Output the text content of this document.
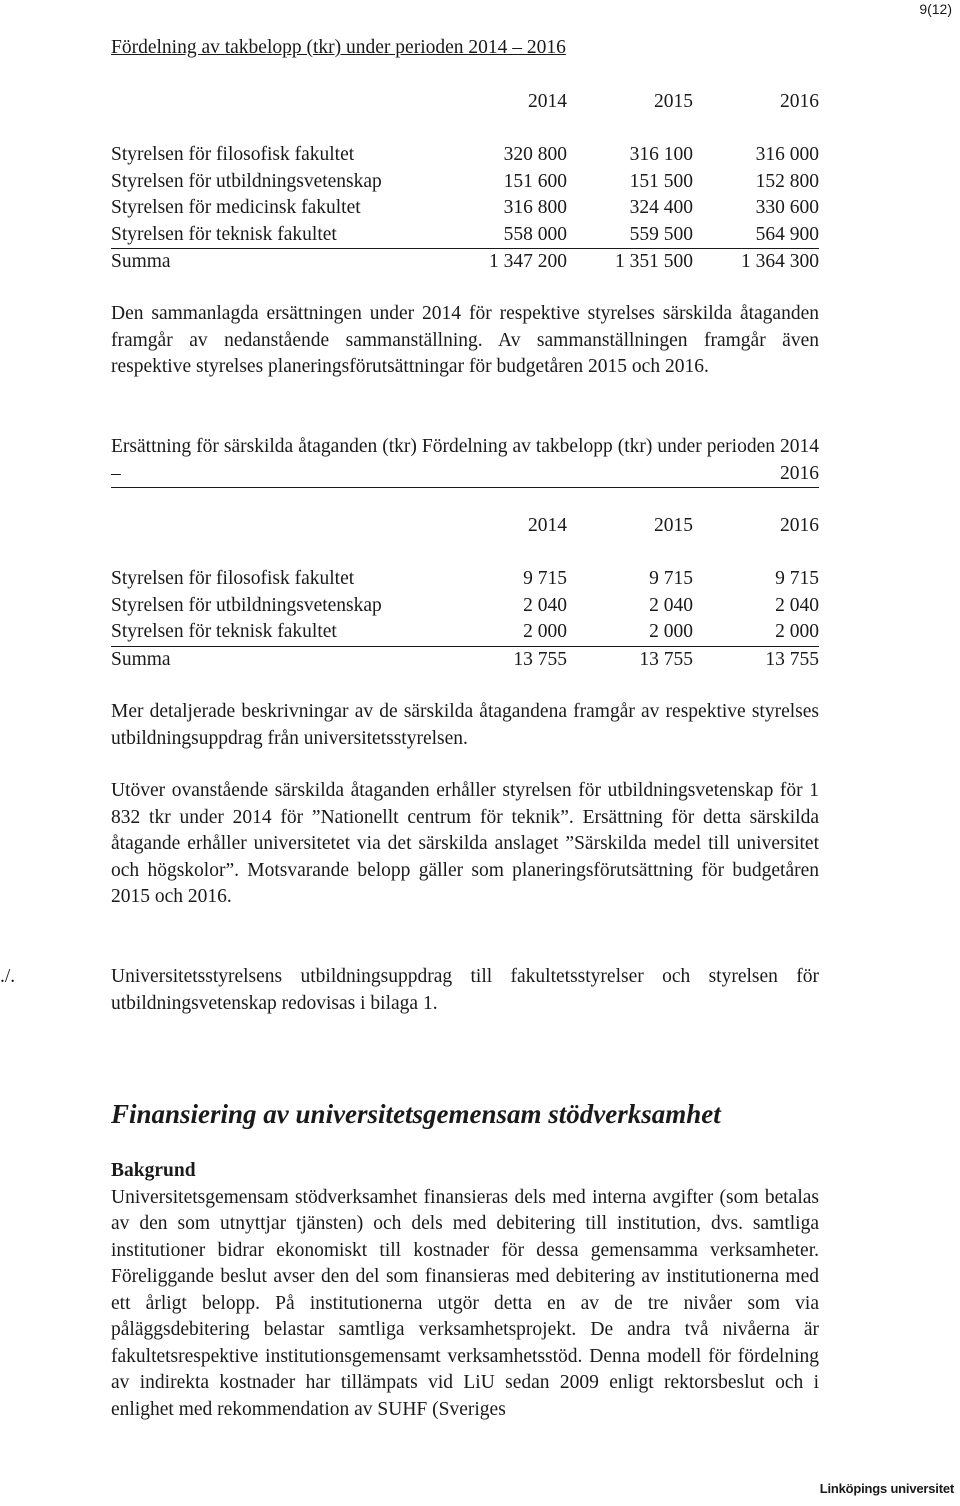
9(12)
Fördelning av takbelopp (tkr) under perioden 2014 – 2016
	2014	2015	2016

Styrelsen för filosofisk fakultet	320 800	316 100	316 000
Styrelsen för utbildningsvetenskap	151 600	151 500	152 800
Styrelsen för medicinsk fakultet	316 800	324 400	330 600
Styrelsen för teknisk fakultet	558 000	559 500	564 900
Summa	1 347 200	1 351 500	1 364 300

Den sammanlagda ersättningen under 2014 för respektive styrelses särskilda åtaganden framgår av nedanstående sammanställning. Av sammanställningen framgår även respektive styrelses planeringsförutsättningar för budgetåren 2015 och 2016.

Ersättning för särskilda åtaganden (tkr) Fördelning av takbelopp (tkr) under perioden 2014 – 2016

	2014	2015	2016

Styrelsen för filosofisk fakultet	9 715	9 715	9 715
Styrelsen för utbildningsvetenskap	2 040	2 040	2 040
Styrelsen för teknisk fakultet	2 000	2 000	2 000
Summa	13 755	13 755	13 755

Mer detaljerade beskrivningar av de särskilda åtagandena framgår av respektive styrelses utbildningsuppdrag från universitetsstyrelsen.

Utöver ovanstående särskilda åtaganden erhåller styrelsen för utbildningsvetenskap för 1 832 tkr under 2014 för ”Nationellt centrum för teknik”. Ersättning för detta särskilda åtagande erhåller universitetet via det särskilda anslaget ”Särskilda medel till universitet och högskolor”. Motsvarande belopp gäller som planeringsförutsättning för budgetåren 2015 och 2016.

./.	Universitetsstyrelsens utbildningsuppdrag till fakultetsstyrelser och styrelsen för utbildningsvetenskap redovisas i bilaga 1.

Finansiering av universitetsgemensam stödverksamhet
Bakgrund

Universitetsgemensam stödverksamhet finansieras dels med interna avgifter (som betalas av den som utnyttjar tjänsten) och dels med debitering till institution, dvs. samtliga institutioner bidrar ekonomiskt till kostnader för dessa gemensamma verksamheter. Föreliggande beslut avser den del som finansieras med debitering av institutionerna med ett årligt belopp. På institutionerna utgör detta en av de tre nivåer som via påläggsdebitering belastar samtliga verksamhetsprojekt. De andra två nivåerna är fakultetsrespektive institutionsgemensamt verksamhetsstöd. Denna modell för fördelning av indirekta kostnader har tillämpats vid LiU sedan 2009 enligt rektorsbeslut och i enlighet med rekommendation av SUHF (Sveriges

Linköpings universitet
